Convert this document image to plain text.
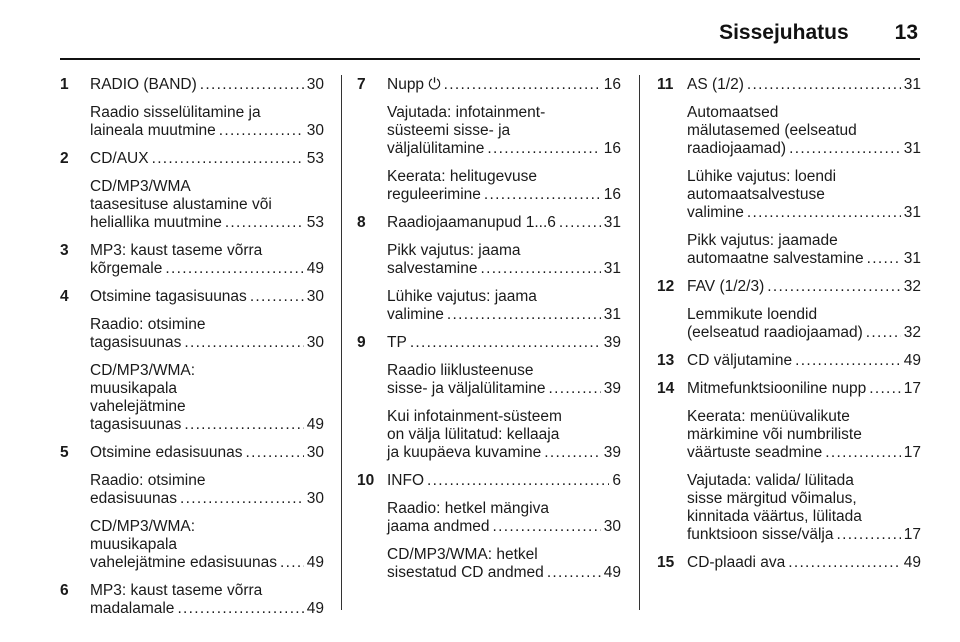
Sissejuhatus 13
1	RADIO (BAND) . . .	30
Raadio sisselülitamine ja
laineala muutmine . . .	30
2	CD/AUX . . .	53
CD/MP3/WMA
taasesituse alustamine või
heliallika muutmine . . .	53
3	MP3: kaust taseme võrra
kõrgemale . . .	49
4	Otsimine tagasisuunas . . .	30
Raadio: otsimine
tagasisuunas . . .	30
CD/MP3/WMA:
muusikapala
vahelejätmine
tagasisuunas . . .	49
5	Otsimine edasisuunas . . .	30
Raadio: otsimine
edasisuunas . . .	30
CD/MP3/WMA:
muusikapala
vahelejätmine edasisuunas . . . 49
6	MP3: kaust taseme võrra
madalamale . . .	49
7	Nupp ⏻ . . .	16
Vajutada: infotainment-
süsteemi sisse- ja
väljalülitamine . . .	16
Keerata: helitugevuse
reguleerimine . . .	16
8	Raadiojaamanupud 1...6 . . .	31
Pikk vajutus: jaama
salvestamine . . .	31
Lühike vajutus: jaama
valimine . . .	31
9	TP . . .	39
Raadio liiklusteenuse
sisse- ja väljalülitamine . . .	39
Kui infotainment-süsteem
on välja lülitatud: kellaaja
ja kuupäeva kuvamine . . .	39
10 INFO . . .	6
Raadio: hetkel mängiva
jaama andmed . . .	30
CD/MP3/WMA: hetkel
sisestatud CD andmed . . .	49
11 AS (1/2) . . .	31
Automaatsed
mälutasemed (eelseatud
raadiojaamad) . . .	31
Lühike vajutus: loendi
automaatsalvestuse
valimine . . .	31
Pikk vajutus: jaamade
automaatne salvestamine . . .	31
12 FAV (1/2/3) . . .	32
Lemmikute loendid
(eelseatud raadiojaamad) . . .	32
13 CD väljutamine . . .	49
14 Mitmefunktsiooniline nupp . . . 17
Keerata: menüüvalikute
märkimine või numbriliste
väärtuste seadmine . . .	17
Vajutada: valida/ lülitada
sisse märgitud võimalus,
kinnitada väärtus, lülitada
funktsioon sisse/välja . . .	17
15 CD-plaadi ava . . .	49
